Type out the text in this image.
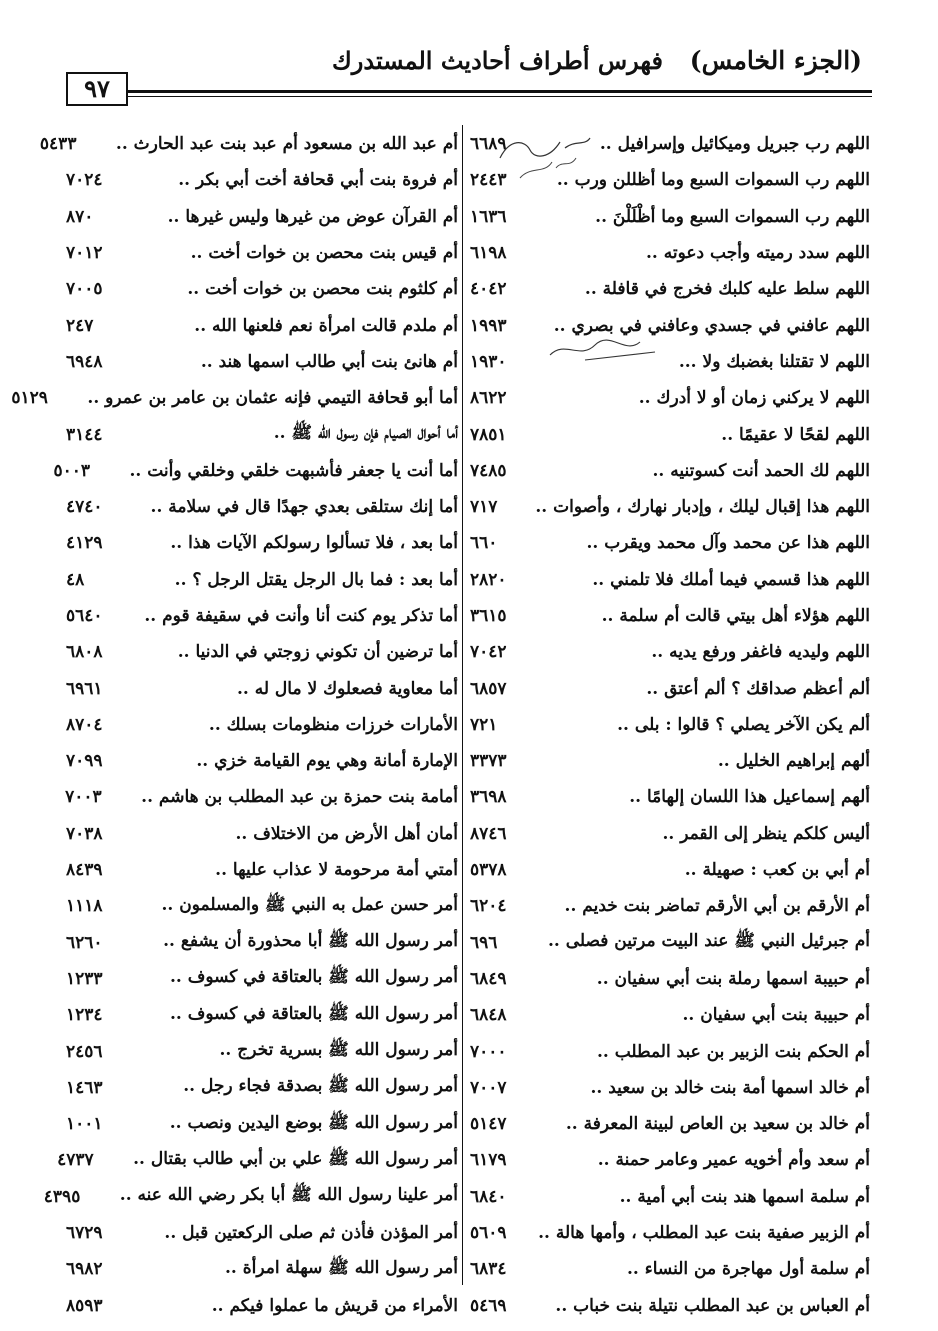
(الجزء الخامس)
فهرس أطراف أحاديث المستدرك
٩٧
اللهم رب جبريل وميكائيل وإسرافيل ..
٦٦٨٩
اللهم رب السموات السبع وما أظللن ورب ..
٢٤٤٣
اللهم رب السموات السبع وما أظْلَلْنَ ..
١٦٣٦
اللهم سدد رميته وأجب دعوته ..
٦١٩٨
اللهم سلط عليه كلبك فخرج في قافلة ..
٤٠٤٢
اللهم عافني في جسدي وعافني في بصري ..
١٩٩٣
اللهم لا تقتلنا بغضبك ولا ...
١٩٣٠
اللهم لا يركني زمان أو لا أدرك ..
٨٦٢٢
اللهم لقحًا لا عقيمًا ..
٧٨٥١
اللهم لك الحمد أنت كسوتنيه ..
٧٤٨٥
اللهم هذا إقبال ليلك ، وإدبار نهارك ، وأصوات ..
٧١٧
اللهم هذا عن محمد وآل محمد ويقرب ..
٦٦٠
اللهم هذا قسمي فيما أملك فلا تلمني ..
٢٨٢٠
اللهم هؤلاء أهل بيتي قالت أم سلمة ..
٣٦١٥
اللهم وليديه فاغفر ورفع يديه ..
٧٠٤٢
ألم أعظم صداقك ؟ ألم أعتق ..
٦٨٥٧
ألم يكن الآخر يصلي ؟ قالوا : بلى ..
٧٢١
ألهم إبراهيم الخليل ..
٣٣٧٣
ألهم إسماعيل هذا اللسان إلهامًا ..
٣٦٩٨
أليس كلكم ينظر إلى القمر ..
٨٧٤٦
أم أبي بن كعب : صهيلة ..
٥٣٧٨
أم الأرقم بن أبي الأرقم تماضر بنت خديم ..
٦٢٠٤
أم جبرئيل النبي ﷺ عند البيت مرتين فصلى ..
٦٩٦
أم حبيبة اسمها رملة بنت أبي سفيان ..
٦٨٤٩
أم حبيبة بنت أبي سفيان ..
٦٨٤٨
أم الحكم بنت الزبير بن عبد المطلب ..
٧٠٠٠
أم خالد اسمها أمة بنت خالد بن سعيد ..
٧٠٠٧
أم خالد بن سعيد بن العاص لبينة المعرفة ..
٥١٤٧
أم سعد وأم أخويه عمير وعامر حمنة ..
٦١٧٩
أم سلمة اسمها هند بنت أبي أمية ..
٦٨٤٠
أم الزبير صفية بنت عبد المطلب ، وأمها هالة ..
٥٦٠٩
أم سلمة أول مهاجرة من النساء ..
٦٨٣٤
أم العباس بن عبد المطلب نتيلة بنت خباب ..
٥٤٦٩
أم عبد الله بن مسعود أم عبد بنت عبد الحارث ..
٥٤٣٣
أم فروة بنت أبي قحافة أخت أبي بكر ..
٧٠٢٤
أم القرآن عوض من غيرها وليس غيرها ..
٨٧٠
أم قيس بنت محصن بن خوات أخت ..
٧٠١٢
أم كلثوم بنت محصن بن خوات أخت ..
٧٠٠٥
أم ملدم قالت امرأة نعم فلعنها الله ..
٢٤٧
أم هانئ بنت أبي طالب اسمها هند ..
٦٩٤٨
أما أبو قحافة التيمي فإنه عثمان بن عامر بن عمرو ..
٥١٢٩
أما أحوال الصيام فإن رسول الله ﷺ ..
٣١٤٤
أما أنت يا جعفر فأشبهت خلقي وخلقي وأنت ..
٥٠٠٣
أما إنك ستلقى بعدي جهدًا قال في سلامة ..
٤٧٤٠
أما بعد ، فلا تسألوا رسولكم الآيات هذا ..
٤١٢٩
أما بعد : فما بال الرجل يقتل الرجل ؟ ..
٤٨
أما تذكر يوم كنت أنا وأنت في سقيفة قوم ..
٥٦٤٠
أما ترضين أن تكوني زوجتي في الدنيا ..
٦٨٠٨
أما معاوية فصعلوك لا مال له ..
٦٩٦١
الأمارات خرزات منظومات بسلك ..
٨٧٠٤
الإمارة أمانة وهي يوم القيامة خزي ..
٧٠٩٩
أمامة بنت حمزة بن عبد المطلب بن هاشم ..
٧٠٠٣
أمان أهل الأرض من الاختلاف ..
٧٠٣٨
أمتي أمة مرحومة لا عذاب عليها ..
٨٤٣٩
أمر حسن عمل به النبي ﷺ والمسلمون ..
١١١٨
أمر رسول الله ﷺ أبا محذورة أن يشفع ..
٦٢٦٠
أمر رسول الله ﷺ بالعتاقة في كسوف ..
١٢٣٣
أمر رسول الله ﷺ بالعتاقة في كسوف ..
١٢٣٤
أمر رسول الله ﷺ بسرية تخرج ..
٢٤٥٦
أمر رسول الله ﷺ بصدقة فجاء رجل ..
١٤٦٣
أمر رسول الله ﷺ بوضع اليدين ونصب ..
١٠٠١
أمر رسول الله ﷺ علي بن أبي طالب بقتال ..
٤٧٣٧
أمر علينا رسول الله ﷺ أبا بكر رضي الله عنه ..
٤٣٩٥
أمر المؤذن فأذن ثم صلى الركعتين قبل ..
٦٧٢٩
أمر رسول الله ﷺ سهلة امرأة ..
٦٩٨٢
الأمراء من قريش ما عملوا فيكم ..
٨٥٩٣
